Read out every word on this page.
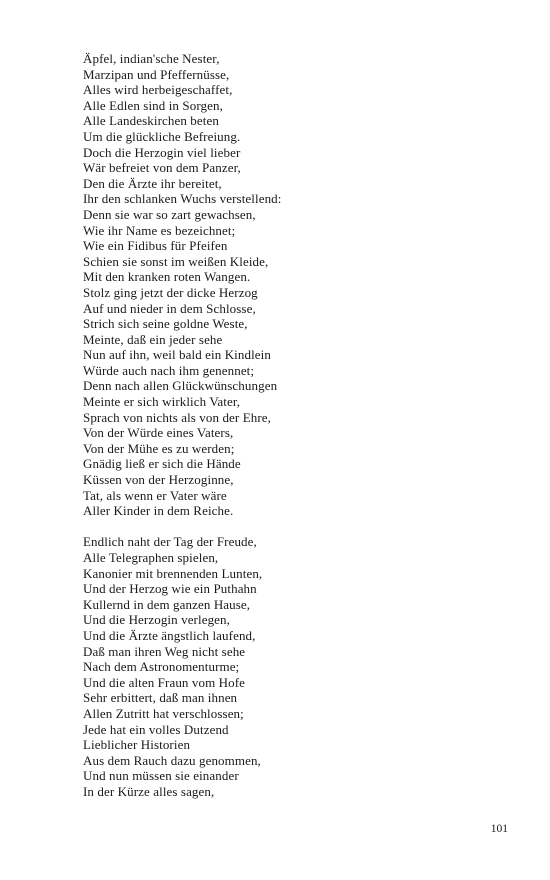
Äpfel, indian'sche Nester,
Marzipan und Pfeffernüsse,
Alles wird herbeigeschaffet,
Alle Edlen sind in Sorgen,
Alle Landeskirchen beten
Um die glückliche Befreiung.
Doch die Herzogin viel lieber
Wär befreiet von dem Panzer,
Den die Ärzte ihr bereitet,
Ihr den schlanken Wuchs verstellend:
Denn sie war so zart gewachsen,
Wie ihr Name es bezeichnet;
Wie ein Fidibus für Pfeifen
Schien sie sonst im weißen Kleide,
Mit den kranken roten Wangen.
Stolz ging jetzt der dicke Herzog
Auf und nieder in dem Schlosse,
Strich sich seine goldne Weste,
Meinte, daß ein jeder sehe
Nun auf ihn, weil bald ein Kindlein
Würde auch nach ihm genennet;
Denn nach allen Glückwünschungen
Meinte er sich wirklich Vater,
Sprach von nichts als von der Ehre,
Von der Würde eines Vaters,
Von der Mühe es zu werden;
Gnädig ließ er sich die Hände
Küssen von der Herzoginne,
Tat, als wenn er Vater wäre
Aller Kinder in dem Reiche.
Endlich naht der Tag der Freude,
Alle Telegraphen spielen,
Kanonier mit brennenden Lunten,
Und der Herzog wie ein Puthahn
Kullernd in dem ganzen Hause,
Und die Herzogin verlegen,
Und die Ärzte ängstlich laufend,
Daß man ihren Weg nicht sehe
Nach dem Astronomenturme;
Und die alten Fraun vom Hofe
Sehr erbittert, daß man ihnen
Allen Zutritt hat verschlossen;
Jede hat ein volles Dutzend
Lieblicher Historien
Aus dem Rauch dazu genommen,
Und nun müssen sie einander
In der Kürze alles sagen,
101
